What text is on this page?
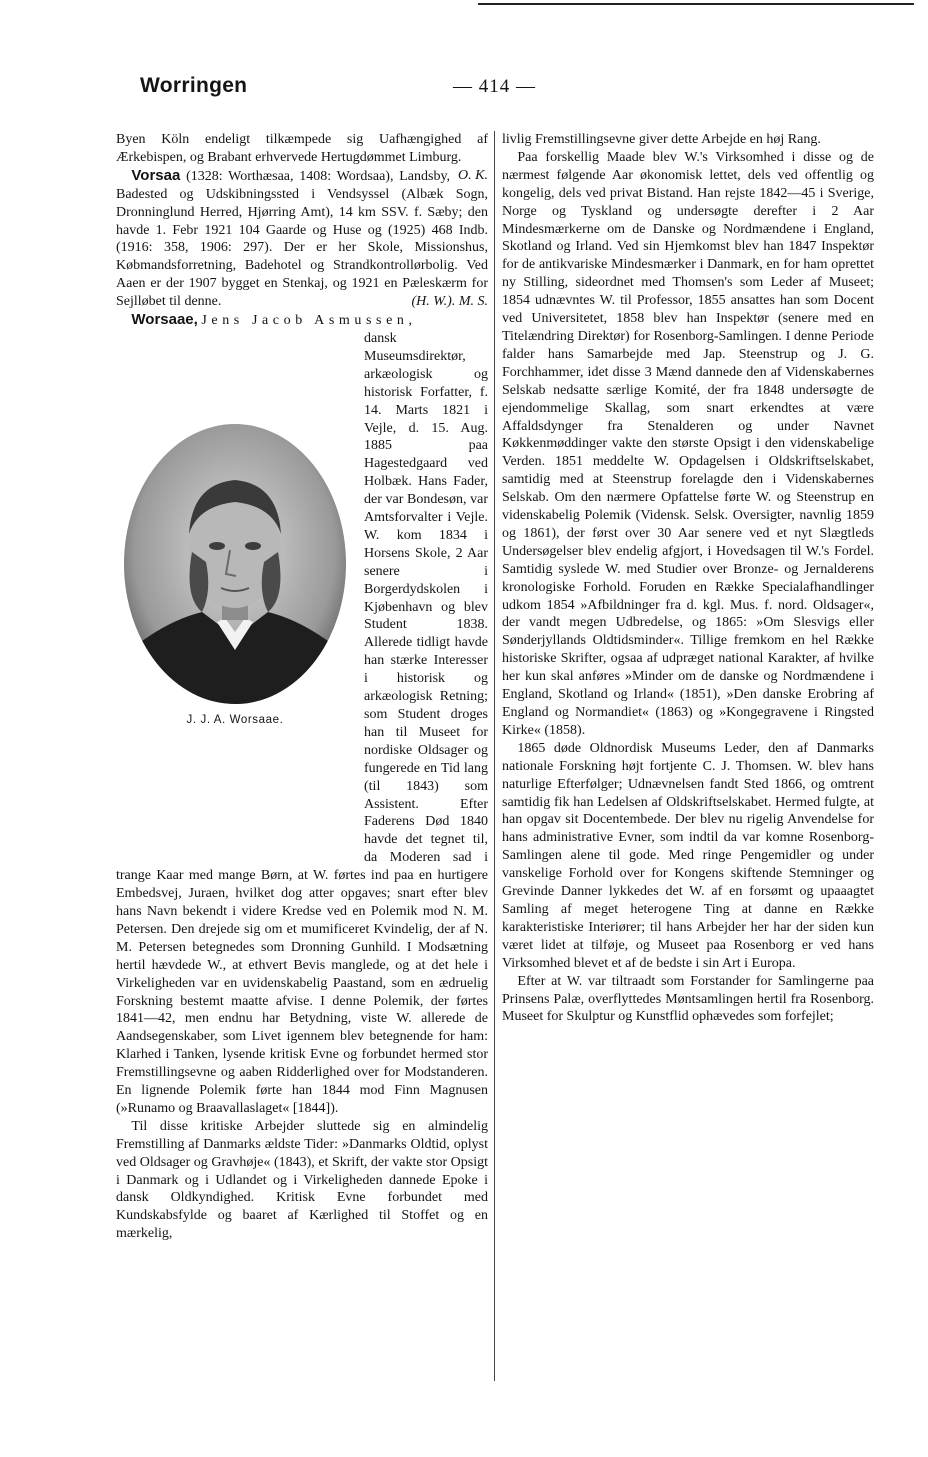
Worringen	— 414 —

Byen Köln endeligt tilkæmpede sig Uafhængighed af Ærkebispen, og Brabant erhvervede Hertugdømmet Limburg.
O. K.

Vorsaa (1328: Worthæsaa, 1408: Wordsaa), Landsby, Badested og Udskibningssted i Vendsyssel (Albæk Sogn, Dronninglund Herred, Hjørring Amt), 14 km SSV. f. Sæby; den havde 1. Febr 1921 104 Gaarde og Huse og (1925) 468 Indb. (1916: 358, 1906: 297). Der er her Skole, Missionshus, Købmandsforretning, Badehotel og Strandkontrollørbolig. Ved Aaen er der 1907 bygget en Stenkaj, og 1921 en Pæleskærm for Sejlløbet til denne.	(H. W.). M. S.

Worsaae, Jens Jacob Asmussen,

J. J. A. Worsaae.

dansk Museumsdirektør, arkæologisk og historisk Forfatter, f. 14. Marts 1821 i Vejle, d. 15. Aug. 1885 paa Hagestedgaard ved Holbæk. Hans Fader, der var Bondesøn, var Amtsforvalter i Vejle. W. kom 1834 i Horsens Skole, 2 Aar senere i Borgerdydskolen i Kjøbenhavn og blev Student 1838. Allerede tidligt havde han stærke Interesser i historisk og arkæologisk Retning; som Student droges han til Museet for nordiske Oldsager og fungerede en Tid lang (til 1843) som Assistent. Efter Faderens Død 1840 havde det tegnet til, da Moderen sad i trange Kaar med mange Børn, at W. førtes ind paa en hurtigere Embedsvej, Juraen, hvilket dog atter opgaves; snart efter blev hans Navn bekendt i videre Kredse ved en Polemik mod N. M. Petersen. Den drejede sig om et mumificeret Kvindelig, der af N. M. Petersen betegnedes som Dronning Gunhild. I Modsætning hertil hævdede W., at ethvert Bevis manglede, og at det hele i Virkeligheden var en uvidenskabelig Paastand, som en ædruelig Forskning bestemt maatte afvise. I denne Polemik, der førtes 1841—42, men endnu har Betydning, viste W. allerede de Aandsegenskaber, som Livet igennem blev betegnende for ham: Klarhed i Tanken, lysende kritisk Evne og forbundet hermed stor Fremstillingsevne og aaben Ridderlighed over for Modstanderen. En lignende Polemik førte han 1844 mod Finn Magnusen (»Runamo og Braavallaslaget« [1844]).

Til disse kritiske Arbejder sluttede sig en almindelig Fremstilling af Danmarks ældste Tider: »Danmarks Oldtid, oplyst ved Oldsager og Gravhøje« (1843), et Skrift, der vakte stor Opsigt i Danmark og i Udlandet og i Virkeligheden dannede Epoke i dansk Oldkyndighed. Kritisk Evne forbundet med Kundskabsfylde og baaret af Kærlighed til Stoffet og en mærkelig,

livlig Fremstillingsevne giver dette Arbejde en høj Rang.

Paa forskellig Maade blev W.'s Virksomhed i disse og de nærmest følgende Aar økonomisk lettet, dels ved offentlig og kongelig, dels ved privat Bistand. Han rejste 1842—45 i Sverige, Norge og Tyskland og undersøgte derefter i 2 Aar Mindesmærkerne om de Danske og Nordmændene i England, Skotland og Irland. Ved sin Hjemkomst blev han 1847 Inspektør for de antikvariske Mindesmærker i Danmark, en for ham oprettet ny Stilling, sideordnet med Thomsen's som Leder af Museet; 1854 udnævntes W. til Professor, 1855 ansattes han som Docent ved Universitetet, 1858 blev han Inspektør (senere med en Titelændring Direktør) for Rosenborg-Samlingen. I denne Periode falder hans Samarbejde med Jap. Steenstrup og J. G. Forchhammer, idet disse 3 Mænd dannede den af Videnskabernes Selskab nedsatte særlige Komité, der fra 1848 undersøgte de ejendommelige Skallag, som snart erkendtes at være Affaldsdynger fra Stenalderen og under Navnet Køkkenmøddinger vakte den største Opsigt i den videnskabelige Verden. 1851 meddelte W. Opdagelsen i Oldskriftselskabet, samtidig med at Steenstrup forelagde den i Videnskabernes Selskab. Om den nærmere Opfattelse førte W. og Steenstrup en videnskabelig Polemik (Vidensk. Selsk. Oversigter, navnlig 1859 og 1861), der først over 30 Aar senere ved et nyt Slægtleds Undersøgelser blev endelig afgjort, i Hovedsagen til W.'s Fordel. Samtidig syslede W. med Studier over Bronze- og Jernalderens kronologiske Forhold. Foruden en Række Specialafhandlinger udkom 1854 »Afbildninger fra d. kgl. Mus. f. nord. Oldsager«, der vandt megen Udbredelse, og 1865: »Om Slesvigs eller Sønderjyllands Oldtidsminder«. Tillige fremkom en hel Række historiske Skrifter, ogsaa af udpræget national Karakter, af hvilke her kun skal anføres »Minder om de danske og Nordmændene i England, Skotland og Irland« (1851), »Den danske Erobring af England og Normandiet« (1863) og »Kongegravene i Ringsted Kirke« (1858).

1865 døde Oldnordisk Museums Leder, den af Danmarks nationale Forskning højt fortjente C. J. Thomsen. W. blev hans naturlige Efterfølger; Udnævnelsen fandt Sted 1866, og omtrent samtidig fik han Ledelsen af Oldskriftselskabet. Hermed fulgte, at han opgav sit Docentembede. Der blev nu rigelig Anvendelse for hans administrative Evner, som indtil da var komne Rosenborg-Samlingen alene til gode. Med ringe Pengemidler og under vanskelige Forhold over for Kongens skiftende Stemninger og Grevinde Danner lykkedes det W. af en forsømt og upaaagtet Samling af meget heterogene Ting at danne en Række karakteristiske Interiører; til hans Arbejder her har der siden kun været lidet at tilføje, og Museet paa Rosenborg er ved hans Virksomhed blevet et af de bedste i sin Art i Europa.

Efter at W. var tiltraadt som Forstander for Samlingerne paa Prinsens Palæ, overflyttedes Møntsamlingen hertil fra Rosenborg. Museet for Skulptur og Kunstflid ophævedes som forfejlet;
